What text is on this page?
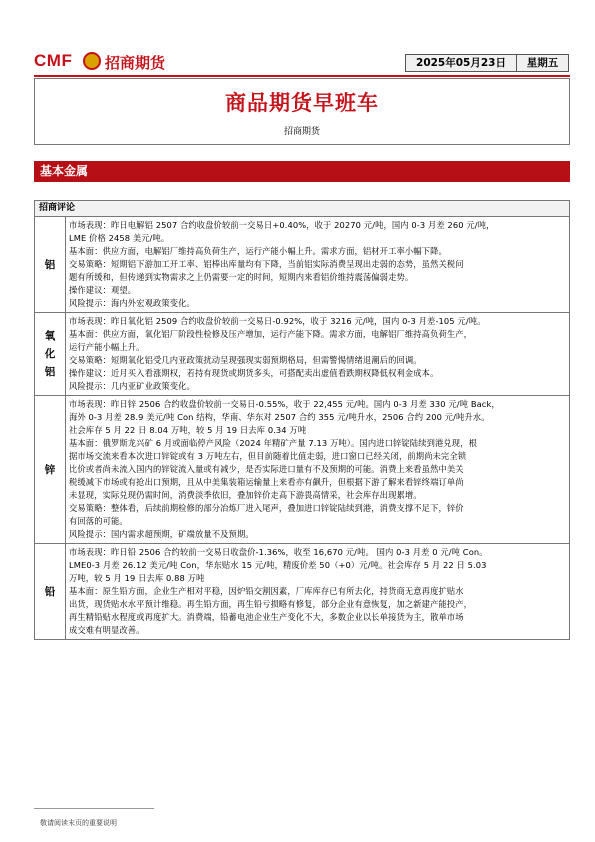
CMF 招商期货	2025年05月23日	星期五
商品期货早班车
招商期货
基本金属
招商评论
铝

市场表现：昨日电解铝 2507 合约收盘价较前一交易日+0.40%，收于 20270 元/吨，国内 0-3 月差 260 元/吨，

LME 价格 2458 美元/吨。

基本面：供应方面，电解铝厂维持高负荷生产，运行产能小幅上升。需求方面，铝材开工率小幅下降。

交易策略：短期铝下游加工开工率、铝棒出库量均有下降，当前铝实际消费呈现出走弱的态势，虽然关税问

题有所缓和，但传递到实物需求之上仍需要一定的时间，短期内来看铝价维持震荡偏弱走势。

操作建议：观望。

风险提示：海内外宏观政策变化。

氧化铝

市场表现：昨日氧化铝 2509 合约收盘价较前一交易日-0.92%，收于 3216 元/吨，国内 0-3 月差-105 元/吨。

基本面：供应方面，氧化铝厂阶段性检修及压产增加，运行产能下降。需求方面，电解铝厂维持高负荷生产，

运行产能小幅上升。

交易策略：短期氧化铝受几内亚政策扰动呈现强现实弱预期格局，但需警惕情绪退潮后的回调。

操作建议：近月买入看涨期权，若持有现货或期货多头，可搭配卖出虚值看跌期权降低权利金成本。

风险提示：几内亚矿业政策变化。

锌

市场表现：昨日锌 2506 合约收盘价较前一交易日-0.55%，收于 22,455 元/吨。国内 0-3 月差 330 元/吨 Back，

海外 0-3 月差 28.9 美元/吨 Con 结构，华南、华东对 2507 合约 355 元/吨升水，2506 合约 200 元/吨升水。

社会库存 5 月 22 日 8.04 万吨，较 5 月 19 日去库 0.34 万吨

基本面：俄罗斯龙兴矿 6 月或面临停产风险（2024 年精矿产量 7.13 万吨）。国内进口锌锭陆续到港兑现，根

据市场交流来看本次进口锌锭或有 3 万吨左右，但目前随着比值走弱，进口窗口已经关闭，前期尚未完全锁

比价或者尚未流入国内的锌锭流入量或有减少，是否实际进口量有不及预期的可能。消费上来看虽然中美关

税缓减下市场或有抢出口预期，且从中美集装箱运输量上来看亦有飙升，但根据下游了解来看锌终端订单尚

未显现，实际兑现仍需时间，消费淡季依旧，叠加锌价走高下游畏高情采，社会库存出现累增。

交易策略：整体看，后续前期检修的部分冶炼厂进入尾声，叠加进口锌锭陆续到港，消费支撑不足下，锌价

有回落的可能。

风险提示：国内需求超预期，矿端放量不及预期。

铅

市场表现：昨日铅 2506 合约较前一交易日收盘价-1.36%，收至 16,670 元/吨。 国内 0-3 月差 0 元/吨 Con。

LME0-3 月差 26.12 美元/吨 Con，华东贴水 15 元/吨，精废价差 50（+0）元/吨。社会库存 5 月 22 日 5.03

万吨，较 5 月 19 日去库 0.88 万吨

基本面：原生铅方面，企业生产相对平稳，因炉铅交割因素，厂库库存已有所去化，持货商无意再度扩贴水

出货，现货贴水水平预计维稳。再生铅方面，再生铅亏损略有修复，部分企业有意恢复，加之新建产能投产，

再生精铅贴水程度或再度扩大。消费端，铅蓄电池企业生产变化不大，多数企业以长单接货为主，散单市场

成交难有明显改善。

敬请阅读末页的重要说明
